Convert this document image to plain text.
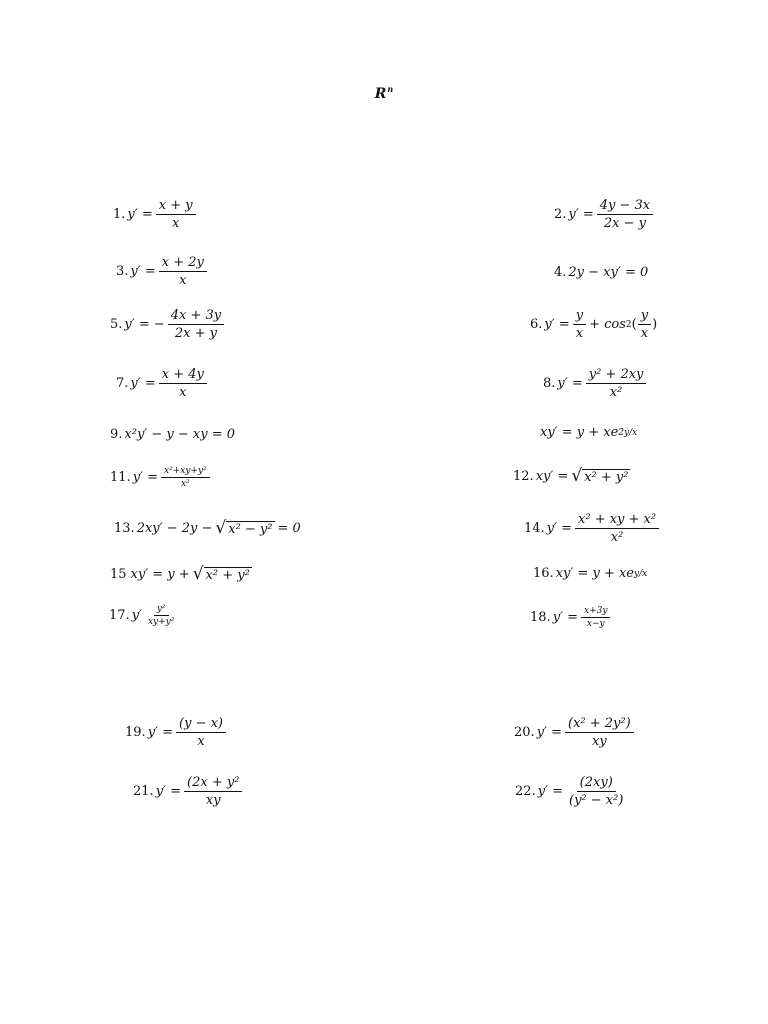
$R^n$
1. $y' = \frac{x + y}{x}$	2. $y' = \frac{4y - 3x}{2x - y}$
3. $y' = \frac{x + 2y}{x}$	4. 2y − xy′ = 0
5. y′ = − $\frac{4x + 3y}{2x + y}$	6. $y' = \frac{y}{x} + \cos 2$ ( $\frac{y}{x}$ )
7. $y' = \frac{x + 4y}{x}$	8. $y' = \frac{\text{y² + 2xy}}{\text{x²}}$
9. x²y′ − y − xy = 0	xy′ = y + xe 2y/x
11. $y' = \frac{\text{x²+xy+y²}}{\text{x²}}$	12. xy′ = √ x² + y²
13. 2xy′ − 2y − √ x² − y² = 0	14. $y' = \frac{\text{x² + xy + x²}}{\text{x²}}$
15 xy′ = y + √ x² + y²	16. xy′ = y + xe y/x
17. $y' \frac{\text{y²}}{\text{xy+y²}}$	18. $y' = \frac{x+3y}{x-y}$
19. $y' = \frac{(y - x)}{x}$	20. $y' = \frac{\text{(x² + 2y²)}}{xy}$
21. $y' = \frac{\text{(2x + y²}}{xy}$	22. $y' = \frac{(2xy)}{\text{(y² − x²)}}$
